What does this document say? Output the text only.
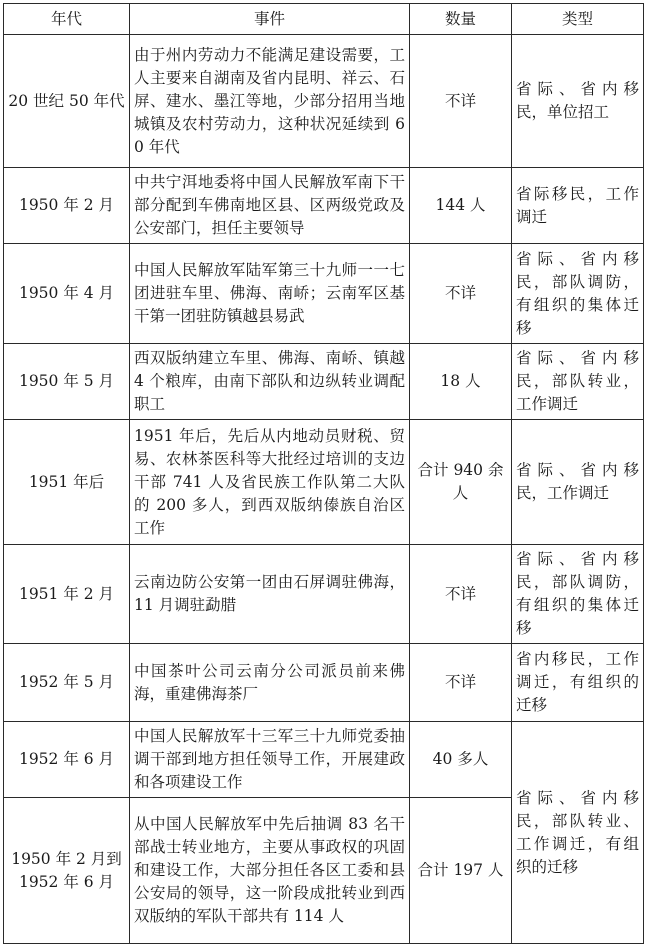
年代	事件	数量	类型
20 世纪 50 年代	由于州内劳动力不能满足建设需要，工人主要来自湖南及省内昆明、祥云、石屏、建水、墨江等地，少部分招用当地城镇及农村劳动力，这种状况延续到 60 年代	不详	省际、省内移民，单位招工
1950 年 2 月	中共宁洱地委将中国人民解放军南下干部分配到车佛南地区县、区两级党政及公安部门，担任主要领导	144 人	省际移民，工作调迁
1950 年 4 月	中国人民解放军陆军第三十九师一一七团进驻车里、佛海、南峤；云南军区基干第一团驻防镇越县易武	不详	省际、省内移民，部队调防，有组织的集体迁移
1950 年 5 月	西双版纳建立车里、佛海、南峤、镇越 4 个粮库，由南下部队和边纵转业调配职工	18 人	省际、省内移民，部队转业，工作调迁
1951 年后	1951 年后，先后从内地动员财税、贸易、农林茶医科等大批经过培训的支边干部 741 人及省民族工作队第二大队的 200 多人，到西双版纳傣族自治区工作	合计 940 余人	省际、省内移民，工作调迁
1951 年 2 月	云南边防公安第一团由石屏调驻佛海，11 月调驻勐腊	不详	省际、省内移民，部队调防，有组织的集体迁移
1952 年 5 月	中国茶叶公司云南分公司派员前来佛海，重建佛海茶厂	不详	省内移民，工作调迁，有组织的迁移
1952 年 6 月	中国人民解放军十三军三十九师党委抽调干部到地方担任领导工作，开展建政和各项建设工作	40 多人	省际、省内移民，部队转业、工作调迁，有组织的迁移
1950 年 2 月到 1952 年 6 月	从中国人民解放军中先后抽调 83 名干部战士转业地方，主要从事政权的巩固和建设工作，大部分担任各区工委和县公安局的领导，这一阶段成批转业到西双版纳的军队干部共有 114 人	合计 197 人	
